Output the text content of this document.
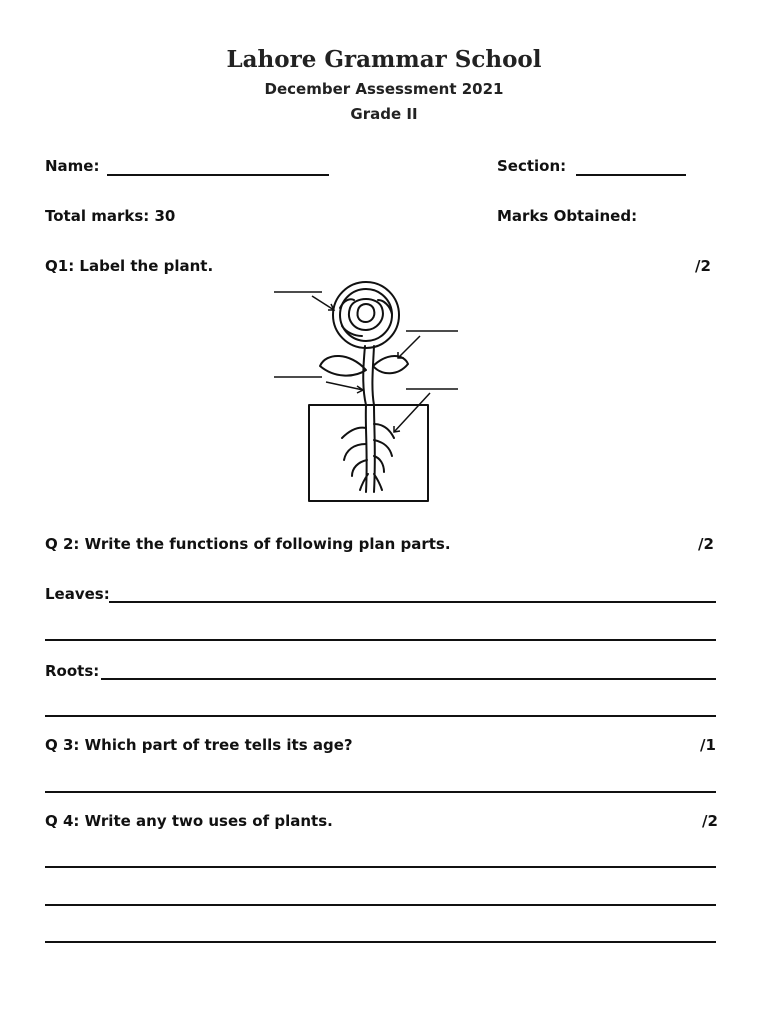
Lahore Grammar School
December Assessment 2021
Grade II
Name:	Section:
Total marks: 30	Marks Obtained:
Q1: Label the plant.	/2
Q 2: Write the functions of following plan parts.	/2
Leaves:
Roots:
Q 3: Which part of tree tells its age?	/1
Q 4: Write any two uses of plants.	/2
